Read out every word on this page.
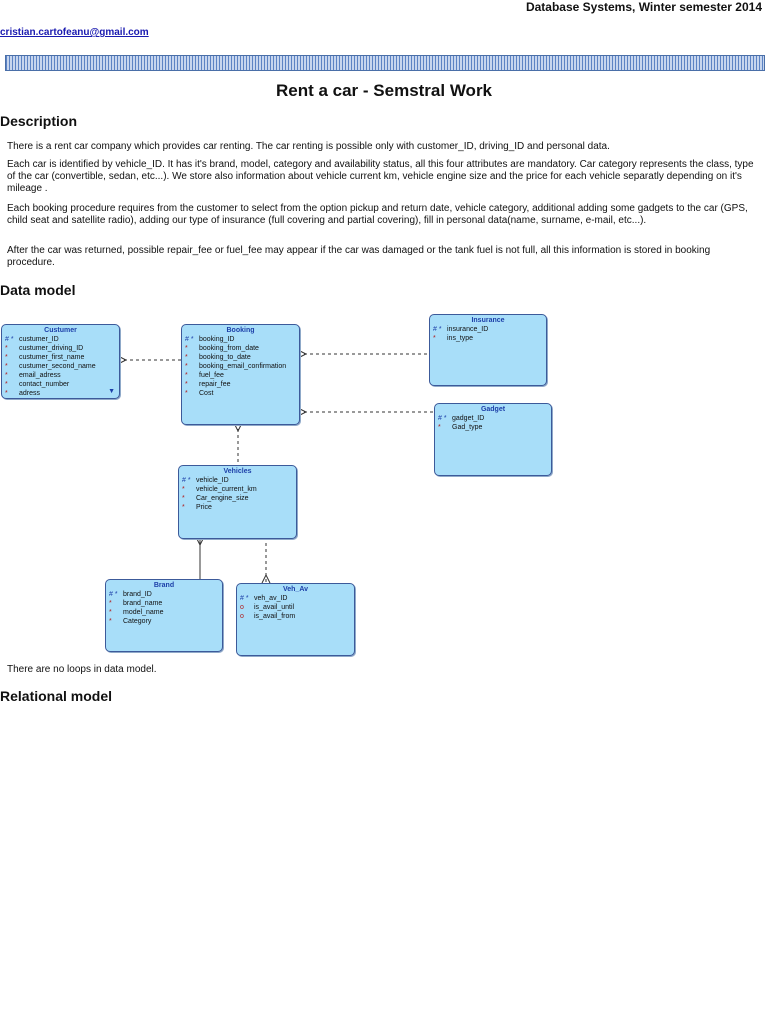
Database Systems, Winter semester 2014
cristian.cartofeanu@gmail.com
Rent a car - Semstral Work
Description
There is a rent car company which provides car renting. The car renting is possible only with customer_ID, driving_ID and personal data.
Each car is identified by vehicle_ID. It has it's brand, model, category and availability status, all this four attributes are mandatory. Car category represents the class, type of the car (convertible, sedan, etc...). We store also information about vehicle current km, vehicle engine size and the price for each vehicle separatly depending on it's mileage .
Each booking procedure requires from the customer to select from the option pickup and return date, vehicle category, additional adding some gadgets to the car (GPS, child seat and satellite radio), adding our type of insurance (full covering and partial covering), fill in personal data(name, surname, e-mail, etc...).
After the car was returned, possible repair_fee or fuel_fee may appear if the car was damaged or the tank fuel is not full, all this information is stored in booking procedure.
Data model
Custumer
# * custumer_ID
* custumer_driving_ID
* custumer_first_name
* custumer_second_name
* email_adress
* contact_number
* adress	▼
Booking
# * booking_ID
* booking_from_date
* booking_to_date
* booking_email_confirmation
* fuel_fee
* repair_fee
* Cost
Insurance
# * insurance_ID
* ins_type
Gadget
# * gadget_ID
* Gad_type
Vehicles
# * vehicle_ID
* vehicle_current_km
* Car_engine_size
* Price
Brand
# * brand_ID
* brand_name
* model_name
* Category
Veh_Av
# * veh_av_ID
o is_avail_until
o is_avail_from
There are no loops in data model.
Relational model
